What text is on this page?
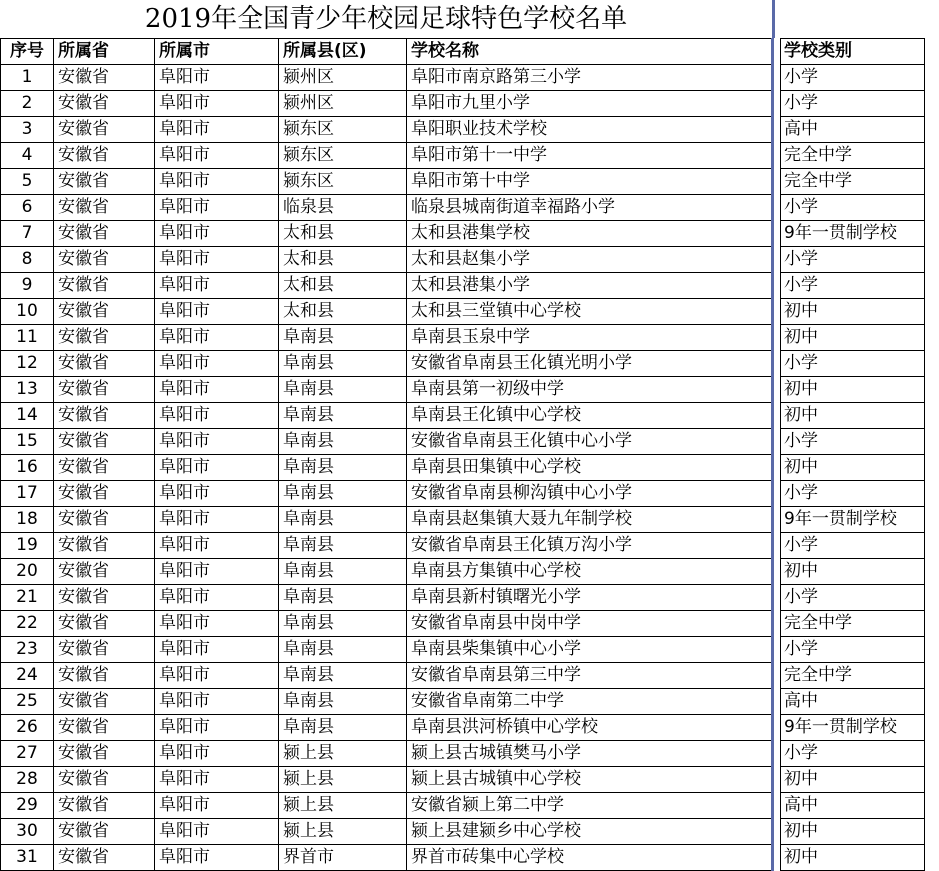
2019年全国青少年校园足球特色学校名单
序号	所属省	所属市	所属县(区)	学校名称		学校类别
1	安徽省	阜阳市	颍州区	阜阳市南京路第三小学		小学
2	安徽省	阜阳市	颍州区	阜阳市九里小学		小学
3	安徽省	阜阳市	颍东区	阜阳职业技术学校		高中
4	安徽省	阜阳市	颍东区	阜阳市第十一中学		完全中学
5	安徽省	阜阳市	颍东区	阜阳市第十中学		完全中学
6	安徽省	阜阳市	临泉县	临泉县城南街道幸福路小学		小学
7	安徽省	阜阳市	太和县	太和县港集学校		9年一贯制学校
8	安徽省	阜阳市	太和县	太和县赵集小学		小学
9	安徽省	阜阳市	太和县	太和县港集小学		小学
10	安徽省	阜阳市	太和县	太和县三堂镇中心学校		初中
11	安徽省	阜阳市	阜南县	阜南县玉泉中学		初中
12	安徽省	阜阳市	阜南县	安徽省阜南县王化镇光明小学		小学
13	安徽省	阜阳市	阜南县	阜南县第一初级中学		初中
14	安徽省	阜阳市	阜南县	阜南县王化镇中心学校		初中
15	安徽省	阜阳市	阜南县	安徽省阜南县王化镇中心小学		小学
16	安徽省	阜阳市	阜南县	阜南县田集镇中心学校		初中
17	安徽省	阜阳市	阜南县	安徽省阜南县柳沟镇中心小学		小学
18	安徽省	阜阳市	阜南县	阜南县赵集镇大聂九年制学校		9年一贯制学校
19	安徽省	阜阳市	阜南县	安徽省阜南县王化镇万沟小学		小学
20	安徽省	阜阳市	阜南县	阜南县方集镇中心学校		初中
21	安徽省	阜阳市	阜南县	阜南县新村镇曙光小学		小学
22	安徽省	阜阳市	阜南县	安徽省阜南县中岗中学		完全中学
23	安徽省	阜阳市	阜南县	阜南县柴集镇中心小学		小学
24	安徽省	阜阳市	阜南县	安徽省阜南县第三中学		完全中学
25	安徽省	阜阳市	阜南县	安徽省阜南第二中学		高中
26	安徽省	阜阳市	阜南县	阜南县洪河桥镇中心学校		9年一贯制学校
27	安徽省	阜阳市	颍上县	颍上县古城镇樊马小学		小学
28	安徽省	阜阳市	颍上县	颍上县古城镇中心学校		初中
29	安徽省	阜阳市	颍上县	安徽省颍上第二中学		高中
30	安徽省	阜阳市	颍上县	颍上县建颍乡中心学校		初中
31	安徽省	阜阳市	界首市	界首市砖集中心学校		初中
